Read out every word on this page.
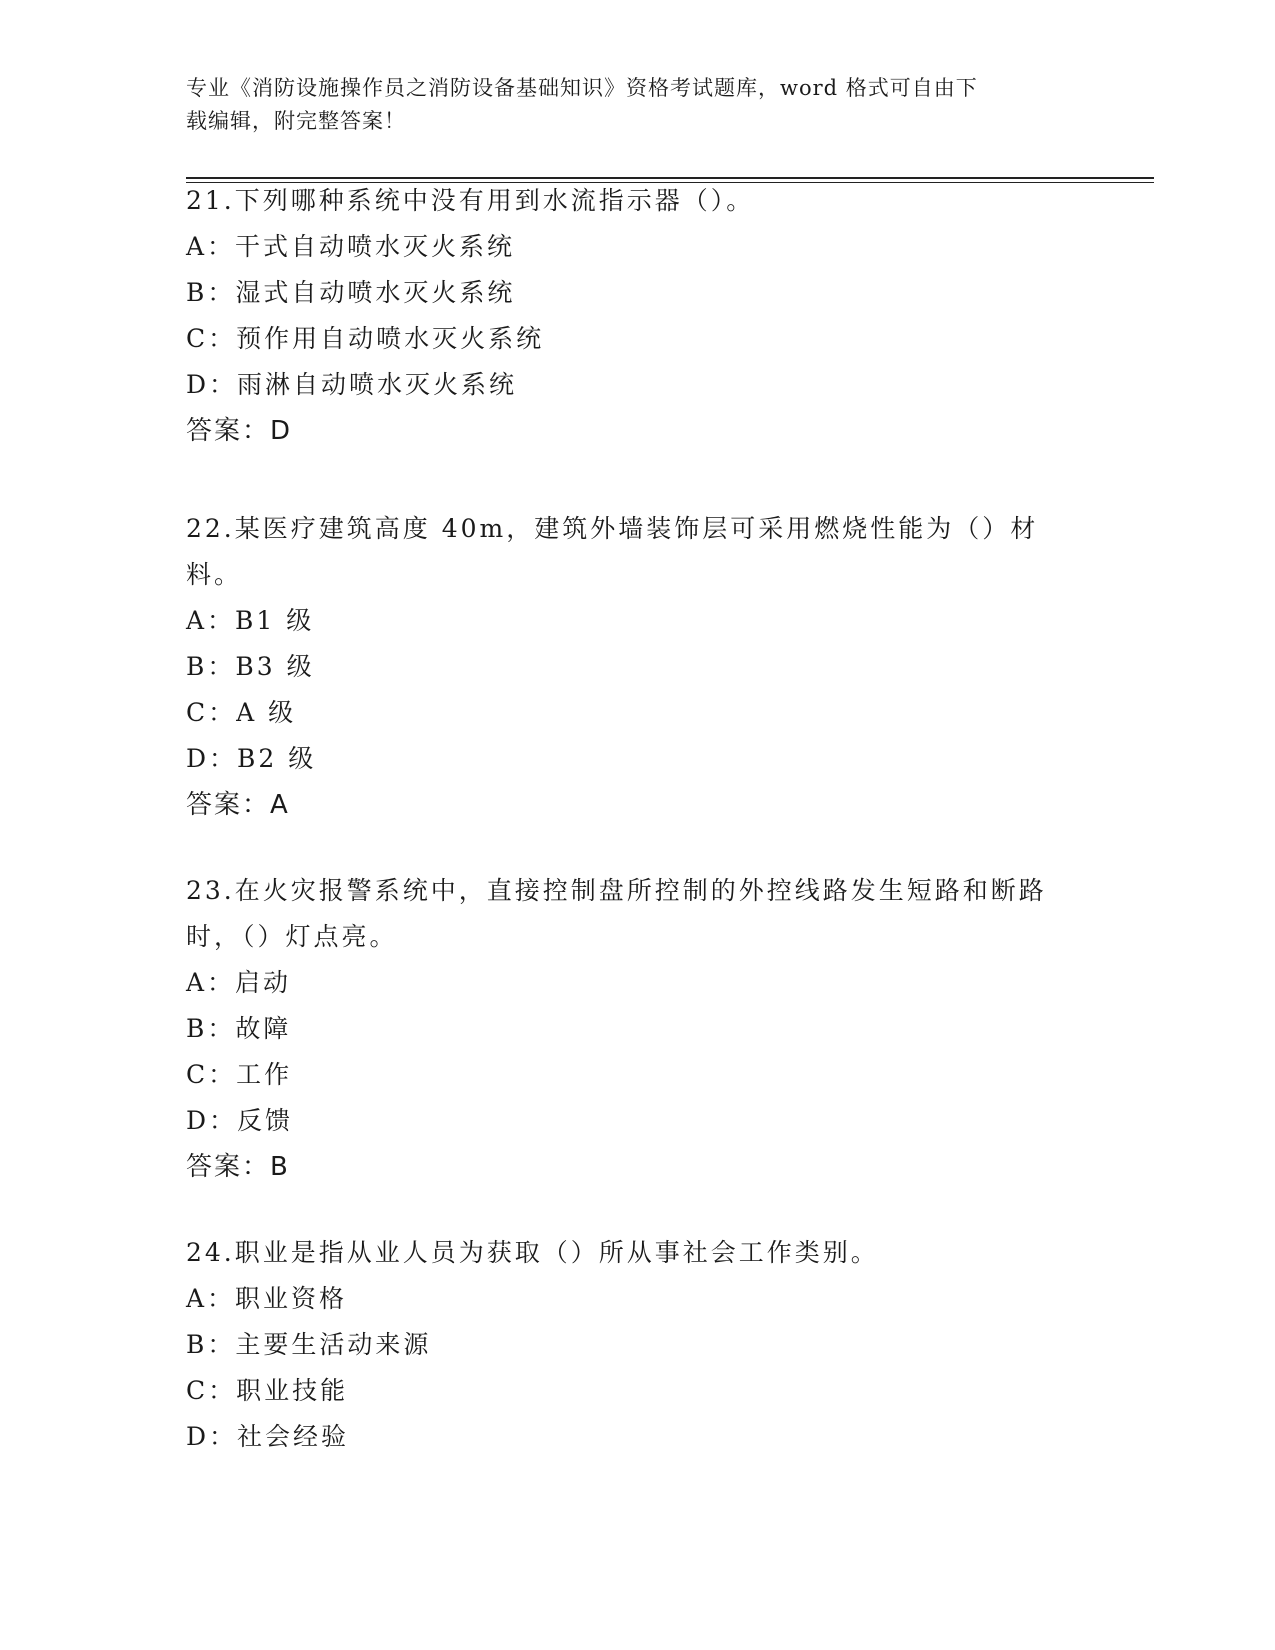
专业《消防设施操作员之消防设备基础知识》资格考试题库，word 格式可自由下
载编辑，附完整答案！
21.下列哪种系统中没有用到水流指示器（）。
A：干式自动喷水灭火系统
B：湿式自动喷水灭火系统
C：预作用自动喷水灭火系统
D：雨淋自动喷水灭火系统
答案：D
22.某医疗建筑高度 40m，建筑外墙装饰层可采用燃烧性能为（）材料。
A：B1 级
B：B3 级
C：A 级
D：B2 级
答案：A
23.在火灾报警系统中，直接控制盘所控制的外控线路发生短路和断路时，（）灯点亮。
A：启动
B：故障
C：工作
D：反馈
答案：B
24.职业是指从业人员为获取（）所从事社会工作类别。
A：职业资格
B：主要生活动来源
C：职业技能
D：社会经验
